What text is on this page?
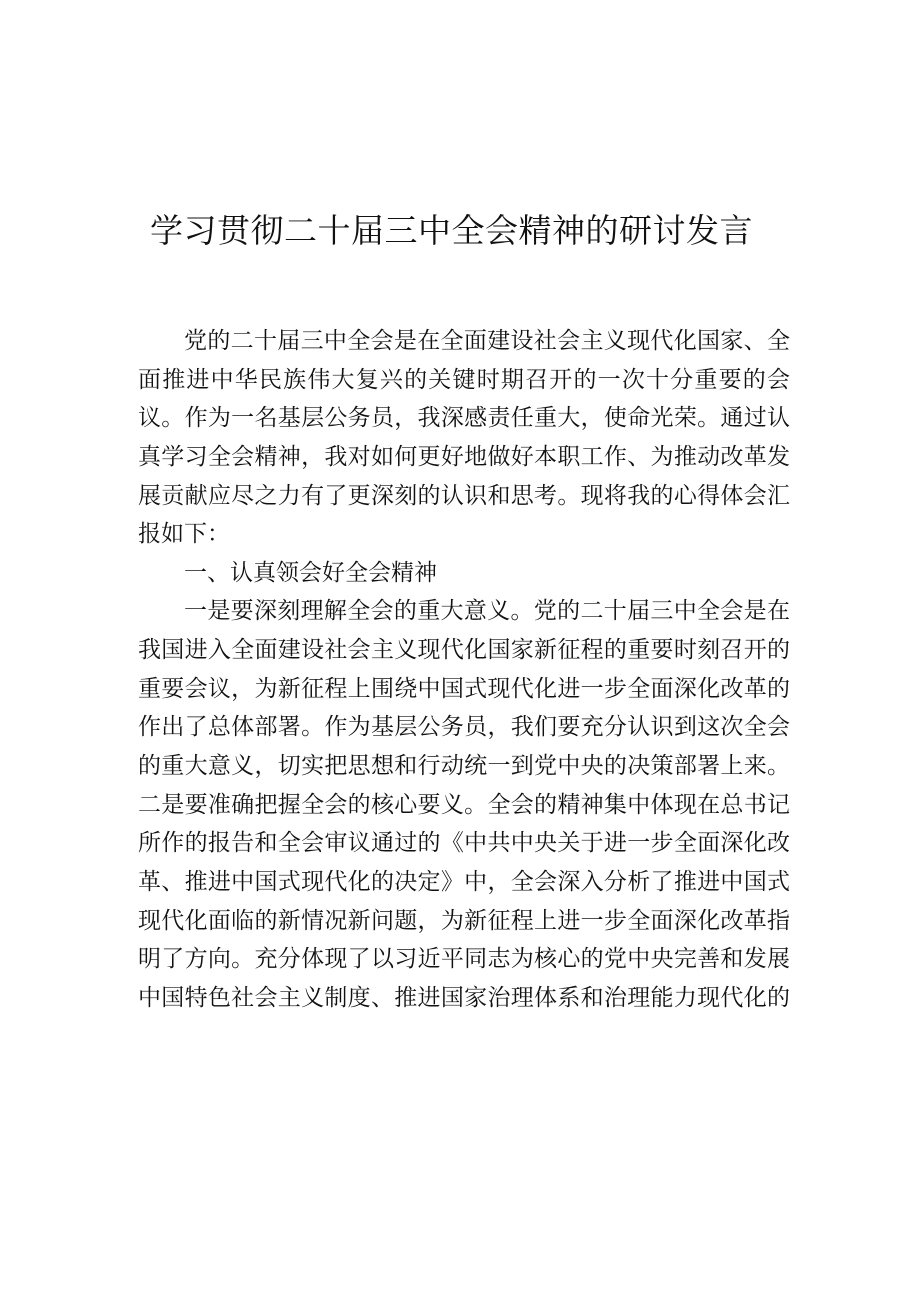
学习贯彻二十届三中全会精神的研讨发言
党的二十届三中全会是在全面建设社会主义现代化国家、全
面推进中华民族伟大复兴的关键时期召开的一次十分重要的会
议。作为一名基层公务员，我深感责任重大，使命光荣。通过认
真学习全会精神，我对如何更好地做好本职工作、为推动改革发
展贡献应尽之力有了更深刻的认识和思考。现将我的心得体会汇
报如下：
一、认真领会好全会精神
一是要深刻理解全会的重大意义。党的二十届三中全会是在
我国进入全面建设社会主义现代化国家新征程的重要时刻召开的
重要会议，为新征程上围绕中国式现代化进一步全面深化改革的
作出了总体部署。作为基层公务员，我们要充分认识到这次全会
的重大意义，切实把思想和行动统一到党中央的决策部署上来。
二是要准确把握全会的核心要义。全会的精神集中体现在总书记
所作的报告和全会审议通过的《中共中央关于进一步全面深化改
革、推进中国式现代化的决定》中，全会深入分析了推进中国式
现代化面临的新情况新问题，为新征程上进一步全面深化改革指
明了方向。充分体现了以习近平同志为核心的党中央完善和发展
中国特色社会主义制度、推进国家治理体系和治理能力现代化的
